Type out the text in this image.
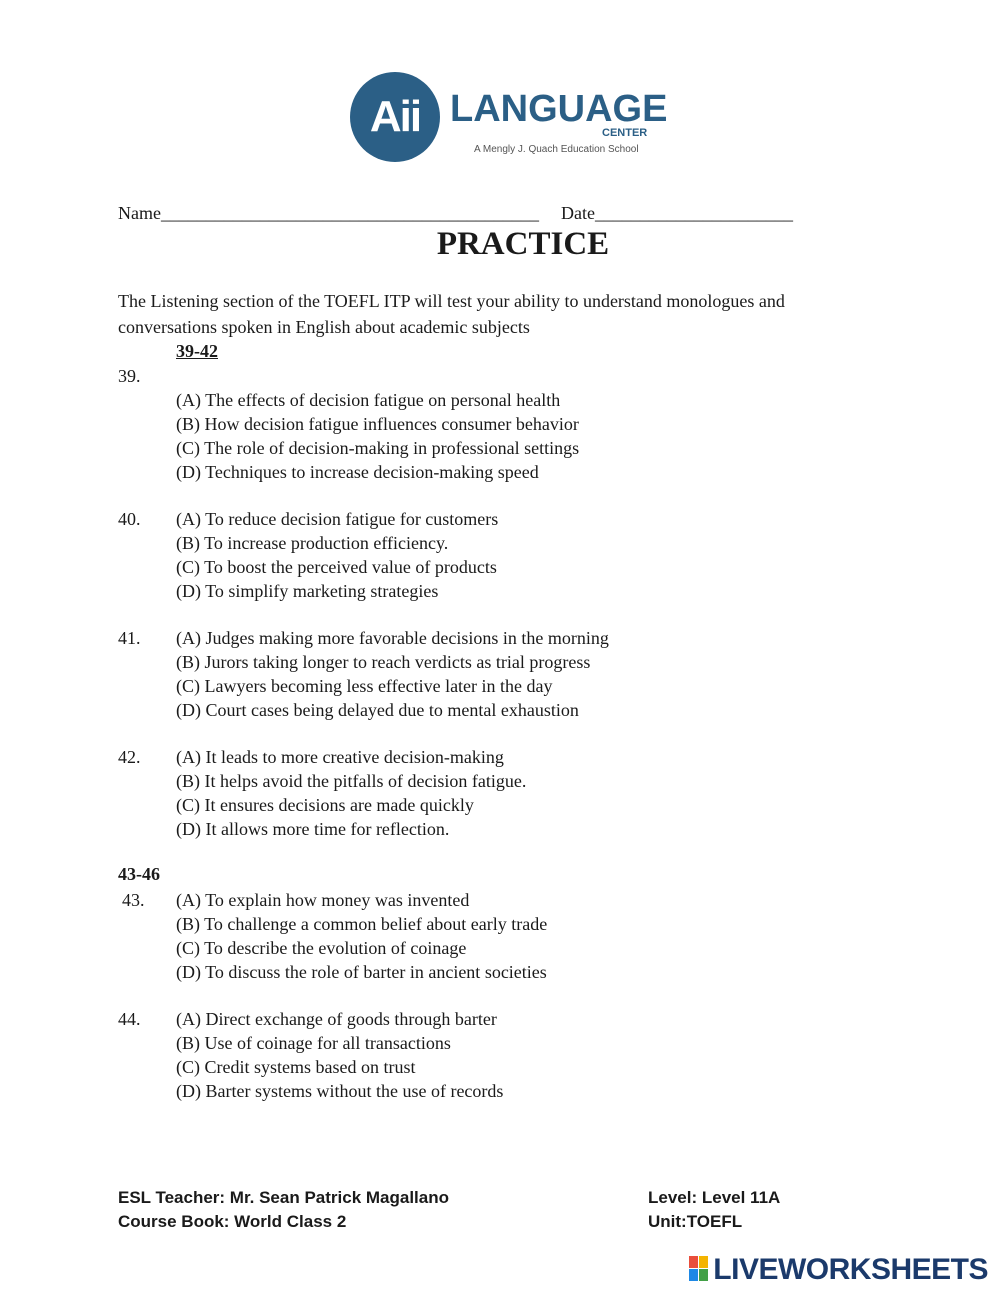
Aii LANGUAGE
CENTER
A Mengly J. Quach Education School
Name__________________________________________ Date______________________
PRACTICE
The Listening section of the TOEFL ITP will test your ability to understand monologues and conversations spoken in English about academic subjects
39-42
39.
(A) The effects of decision fatigue on personal health
(B) How decision fatigue influences consumer behavior
(C) The role of decision-making in professional settings
(D) Techniques to increase decision-making speed
40. (A) To reduce decision fatigue for customers
(B) To increase production efficiency.
(C) To boost the perceived value of products
(D) To simplify marketing strategies
41. (A) Judges making more favorable decisions in the morning
(B) Jurors taking longer to reach verdicts as trial progress
(C) Lawyers becoming less effective later in the day
(D) Court cases being delayed due to mental exhaustion
42. (A) It leads to more creative decision-making
(B) It helps avoid the pitfalls of decision fatigue.
(C) It ensures decisions are made quickly
(D) It allows more time for reflection.
43-46
43. (A) To explain how money was invented
(B) To challenge a common belief about early trade
(C) To describe the evolution of coinage
(D) To discuss the role of barter in ancient societies
44. (A) Direct exchange of goods through barter
(B) Use of coinage for all transactions
(C) Credit systems based on trust
(D) Barter systems without the use of records
ESL Teacher: Mr. Sean Patrick Magallano
Course Book: World Class 2
Level: Level 11A
Unit:TOEFL
LIVEWORKSHEETS
